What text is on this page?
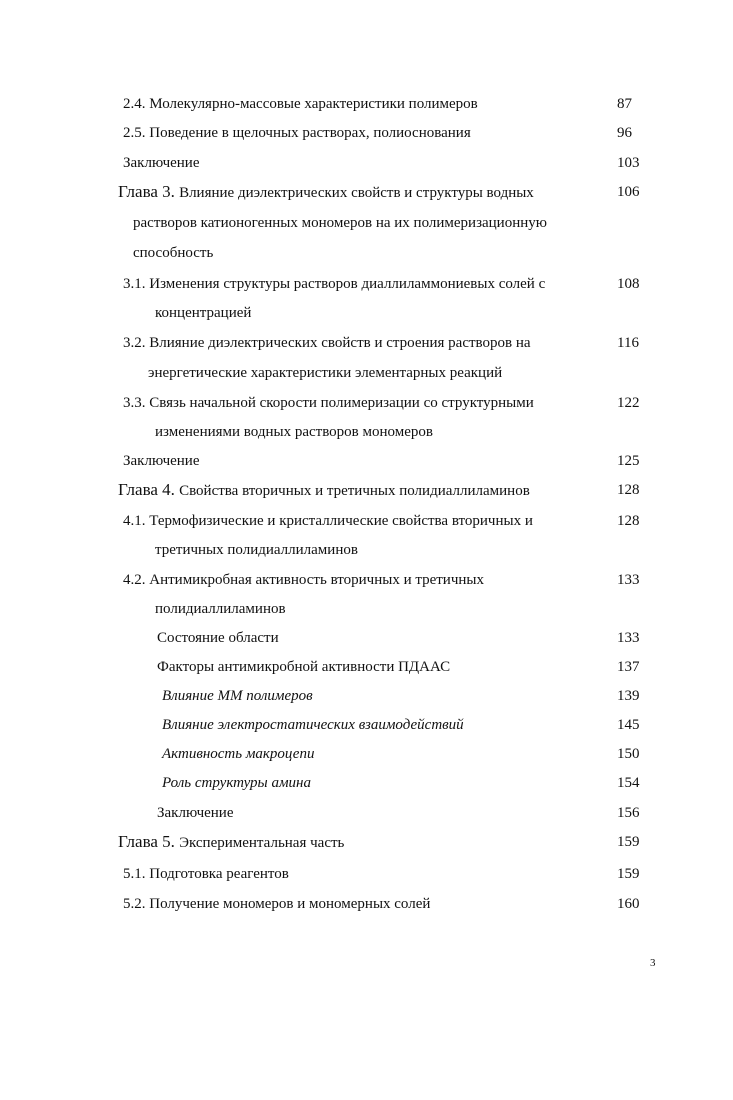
2.4. Молекулярно-массовые характеристики полимеров	87
2.5. Поведение в щелочных растворах, полиоснования	96
Заключение	103
Глава 3. Влияние диэлектрических свойств и структуры водных	106
растворов катионогенных мономеров на их полимеризационную
способность
3.1. Изменения структуры растворов диаллиламмониевых солей с	108
концентрацией
3.2. Влияние диэлектрических свойств и строения растворов на	116
энергетические характеристики элементарных реакций
3.3. Связь начальной скорости полимеризации со структурными	122
изменениями водных растворов мономеров
Заключение	125
Глава 4. Свойства вторичных и третичных полидиаллиламинов	128
4.1. Термофизические и кристаллические свойства вторичных и	128
третичных полидиаллиламинов
4.2. Антимикробная активность вторичных и третичных	133
полидиаллиламинов
Состояние области	133
Факторы антимикробной активности ПДААС	137
Влияние ММ полимеров	139
Влияние электростатических взаимодействий	145
Активность макроцепи	150
Роль структуры амина	154
Заключение	156
Глава 5. Экспериментальная часть	159
5.1. Подготовка реагентов	159
5.2. Получение мономеров и мономерных солей	160
3
